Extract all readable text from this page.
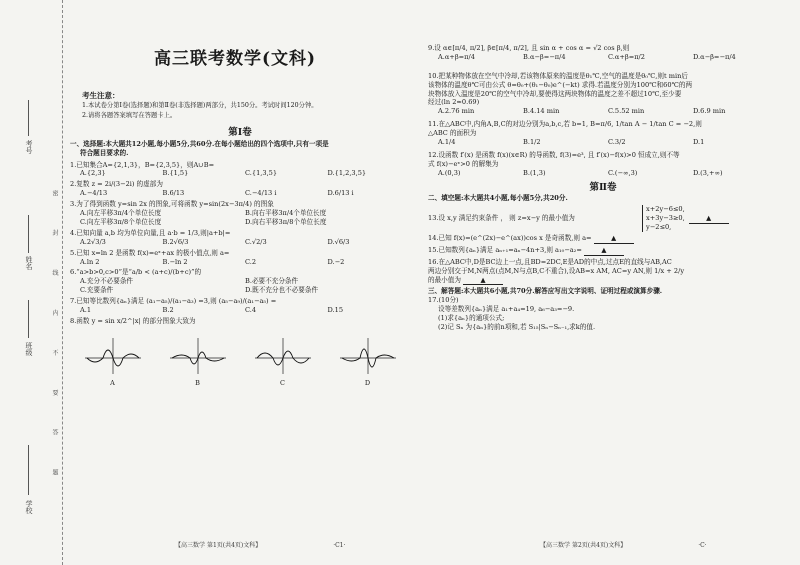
考号
姓名
班级
学校
密 封 线 内 不 要 答 题
高三联考数学(文科)
考生注意：
1.本试卷分第Ⅰ卷(选择题)和第Ⅱ卷(非选择题)两部分，共150分。考试时间120分钟。
2.请将各题答案填写在答题卡上。
第Ⅰ卷
一、选择题:本大题共12小题,每小题5分,共60分.在每小题给出的四个选项中,只有一项是
符合题目要求的.
1.已知集合A={2,1,3}，B={2,3,5}，则A∪B=
A.{2,3}	B.{1,5}	C.{1,3,5}	D.{1,2,3,5}
2.复数 z = 2i/(3−2i) 的虚部为
A.−4/13	B.6/13	C.−4/13 i	D.6/13 i
3.为了得到函数 y=sin 2x 的图象,可将函数 y=sin(2x−3π/4) 的图象
A.向左平移3π/4个单位长度	B.向右平移3π/4个单位长度
C.向左平移3π/8个单位长度	D.向右平移3π/8个单位长度
4.已知向量 a,b 均为单位向量,且 a·b = 1/3,则|a+b|=
A.2√3/3	B.2√6/3	C.√2/3	D.√6/3
5.已知 x=ln 2 是函数 f(x)=eˣ+ax 的极小值点,则 a=
A.ln 2	B.−ln 2	C.2	D.−2
6.“a>b>0,c>0”是“a/b < (a+c)/(b+c)”的
A.充分不必要条件	B.必要不充分条件
C.充要条件	D.既不充分也不必要条件
7.已知等比数列{aₙ}满足 (a₁−a₅)/(a₁−a₃) =3,则 (a₅−a₉)/(a₁−a₅) =
A.1	B.2	C.4	D.15
8.函数 y = sin x/2^|x| 的部分图象大致为
A	B	C	D
9.设 α∈[π/4, π/2], β∈[π/4, π/2], 且 sin α + cos α = √2 cos β,则
A.α+β=π/4	B.α−β=−π/4	C.α+β=π/2	D.α−β=−π/4
10.把某种物体放在空气中冷却,若该物体原来的温度是θ₁℃,空气的温度是θ₀℃,则t min后
该物体的温度θ℃可由公式 θ=θ₀+(θ₁−θ₀)e^(−kt) 求得.若温度分别为100℃和60℃的两
块物体放入温度是20℃的空气中冷却,要使得这两块物体的温度之差不超过10℃,至少要
经过(ln 2≈0.69)
A.2.76 min	B.4.14 min	C.5.52 min	D.6.9 min
11.在△ABC中,内角A,B,C的对边分别为a,b,c,若 b=1, B=π/6, 1/tan A − 1/tan C = −2,则
△ABC 的面积为
A.1/4	B.1/2	C.3/2	D.1
12.设函数 f′(x) 是函数 f(x)(x∈R) 的导函数, f(3)=e³, 且 f′(x)−f(x)>0 恒成立,则不等
式 f(x)−eˣ>0 的解集为
A.(0,3)	B.(1,3)	C.(−∞,3)	D.(3,+∞)
第Ⅱ卷
二、填空题:本大题共4小题,每小题5分,共20分.
13.设 x,y 满足约束条件 ， 则 z=x−y 的最小值为
x+2y−6≤0,
x+3y−3≥0,
y−2≤0,
▲
14.已知 f(x)=(e^(2x)−e^(ax))cos x 是奇函数,则 a=	▲
15.已知数列{aₙ}满足 aₙ₊₁=aₙ−4n+3,则 a₁₀−a₂=	▲
16.在△ABC中,D是BC边上一点,且BD=2DC,E是AD的中点,过点E的直线与AB,AC
两边分别交于M,N两点(点M,N与点B,C不重合),设AB=x AM, AC=y AN,则 1/x + 2/y
的最小值为	▲
三、解答题:本大题共6小题,共70分.解答应写出文字说明、证明过程或演算步骤.
17.(10分)
设等差数列{aₙ}满足 a₁+a₄=19, a₆−a₃=−9.
(1)求{aₙ}的通项公式;
(2)记 Sₙ 为{aₙ}的前n项和,若 S₁₅|Sₙ−Sₙ₋₁,求k的值.
【高三数学 第1页(共4页)文科】	·C1·	【高三数学 第2页(共4页)文科】	·C·
